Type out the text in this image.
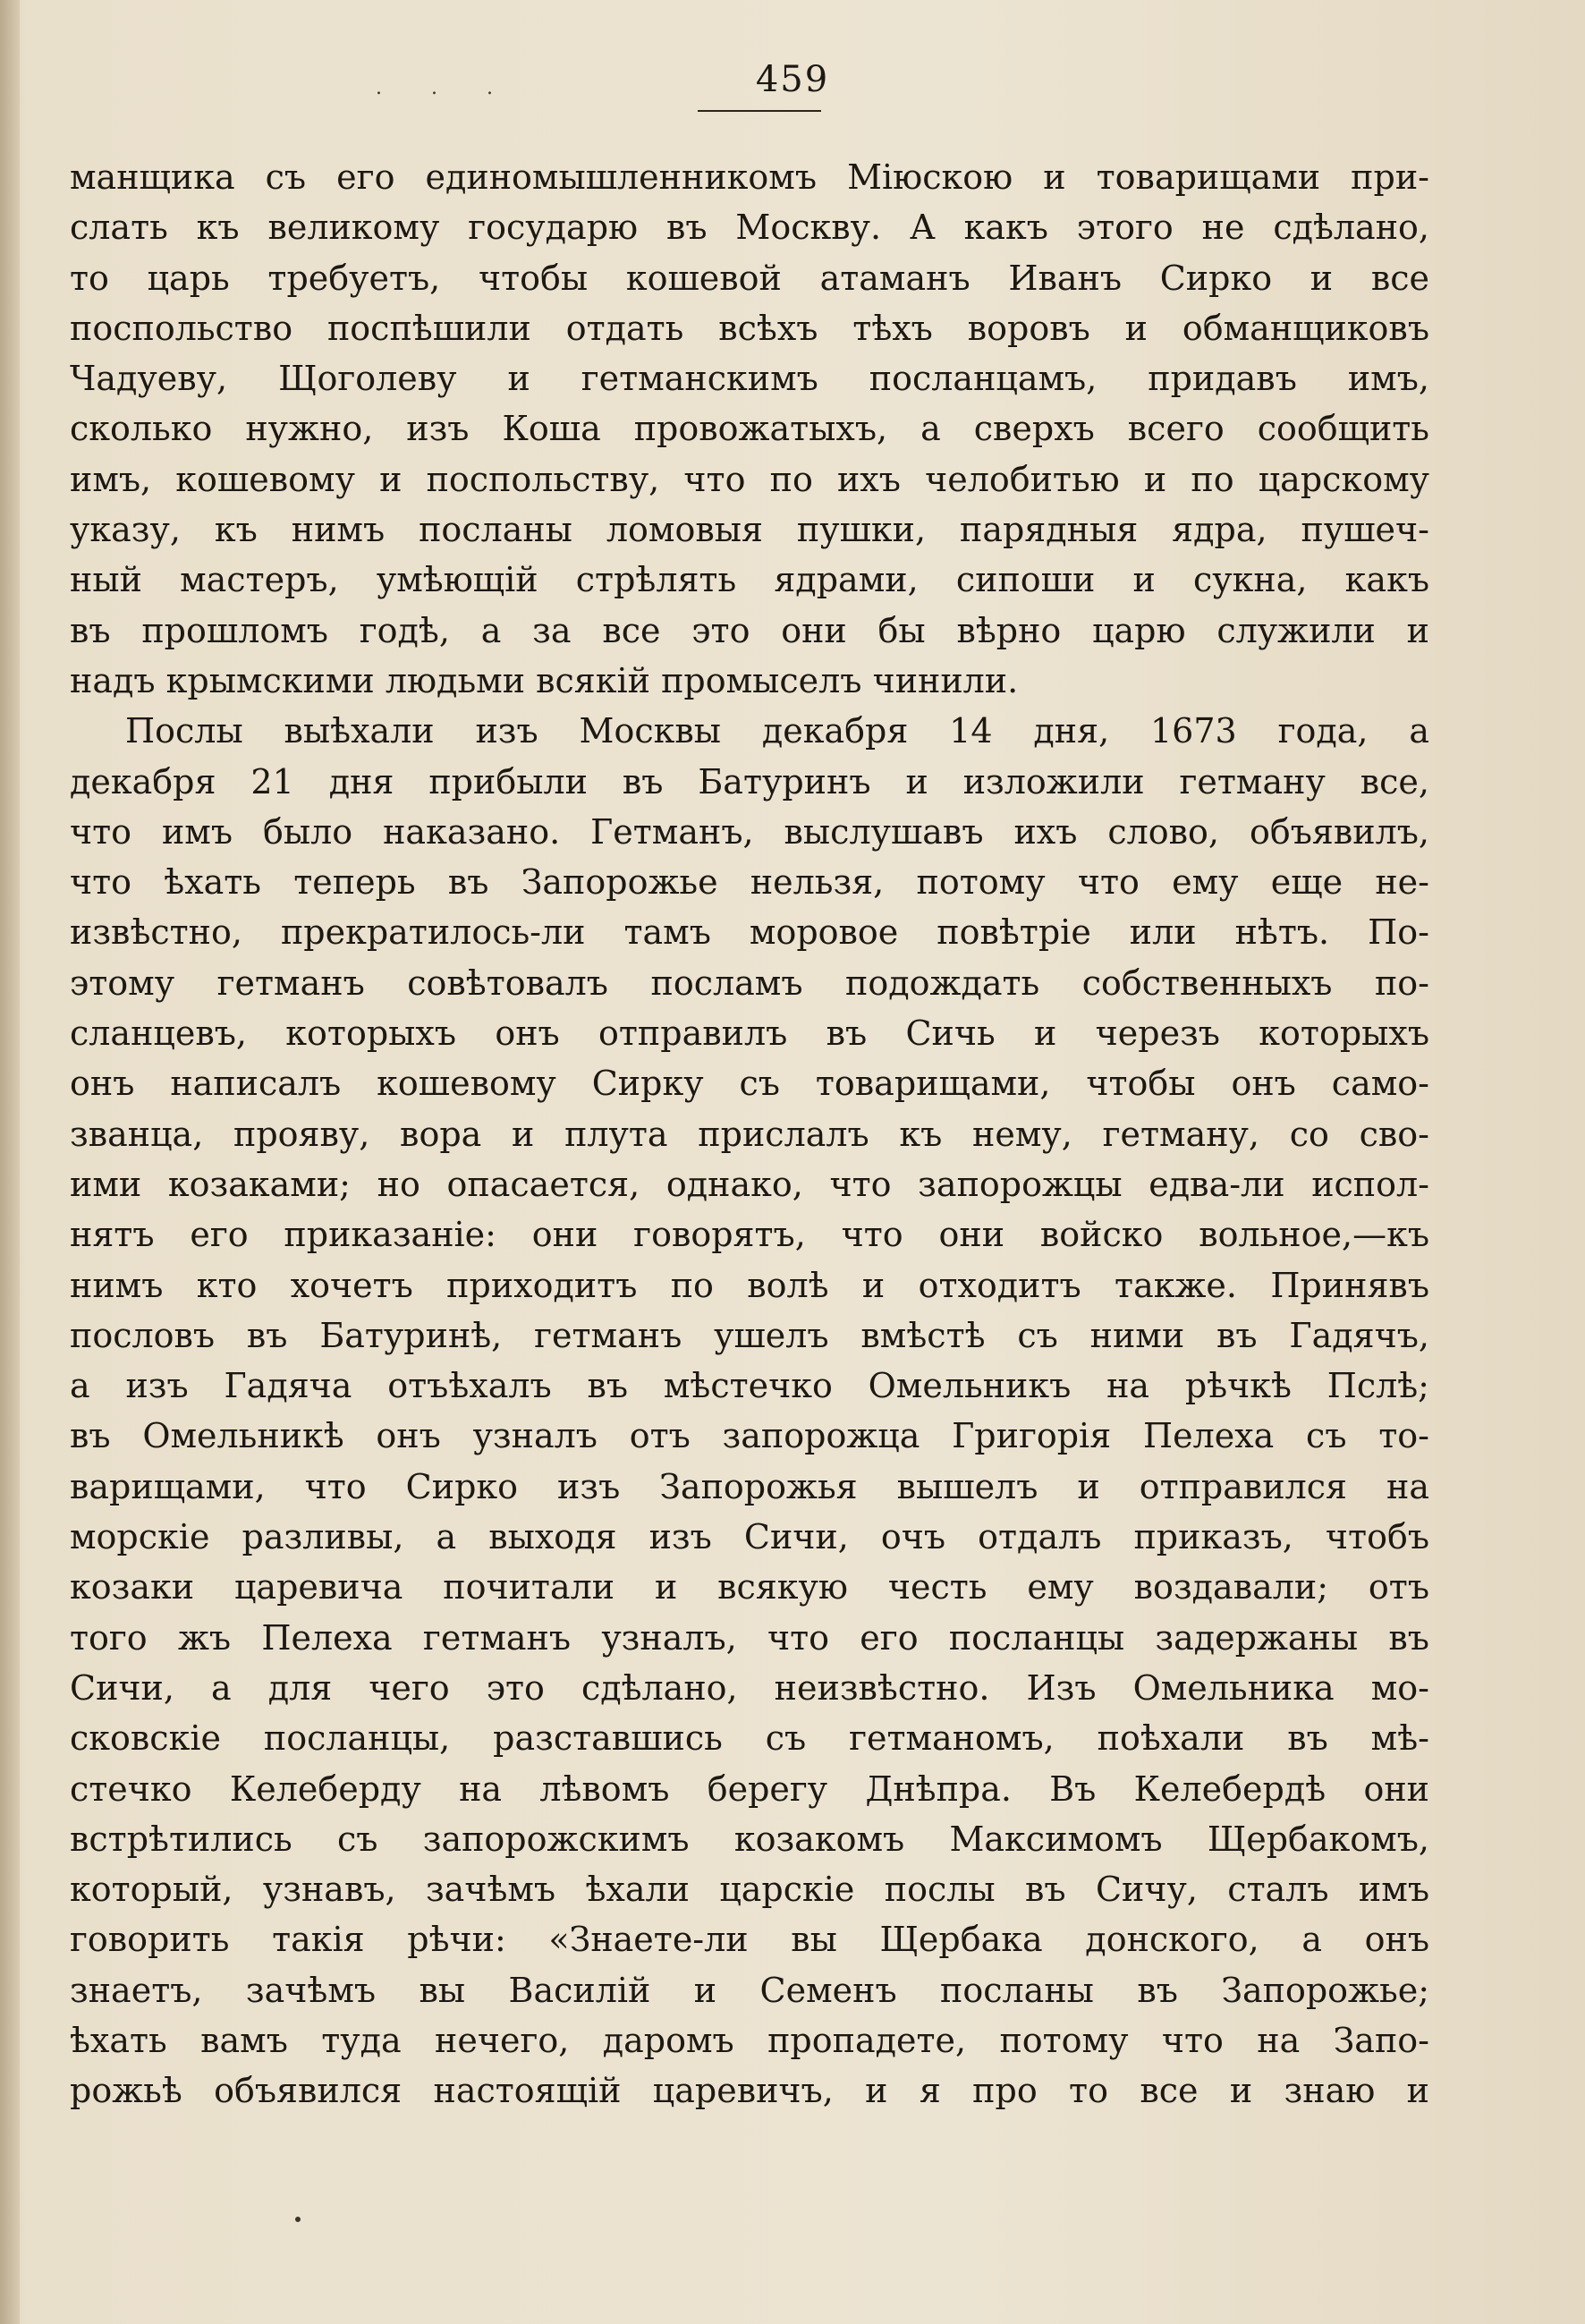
. . .	459
манщика съ его единомышленникомъ Міюскою и товарищами при-
слать къ великому государю въ Москву. А какъ этого не сдѣлано,
то царь требуетъ, чтобы кошевой атаманъ Иванъ Сирко и все
поспольство поспѣшили отдать всѣхъ тѣхъ воровъ и обманщиковъ
Чадуеву, Щоголеву и гетманскимъ посланцамъ, придавъ имъ,
сколько нужно, изъ Коша провожатыхъ, а сверхъ всего сообщить
имъ, кошевому и поспольству, что по ихъ челобитью и по царскому
указу, къ нимъ посланы ломовыя пушки, парядныя ядра, пушеч-
ный мастеръ, умѣющій стрѣлять ядрами, сипоши и сукна, какъ
въ прошломъ годѣ, а за все это они бы вѣрно царю служили и
надъ крымскими людьми всякій промыселъ чинили.
Послы выѣхали изъ Москвы декабря 14 дня, 1673 года, а
декабря 21 дня прибыли въ Батуринъ и изложили гетману все,
что имъ было наказано. Гетманъ, выслушавъ ихъ слово, объявилъ,
что ѣхать теперь въ Запорожье нельзя, потому что ему еще не-
извѣстно, прекратилось-ли тамъ моровое повѣтріе или нѣтъ. По-
этому гетманъ совѣтовалъ посламъ подождать собственныхъ по-
сланцевъ, которыхъ онъ отправилъ въ Сичь и черезъ которыхъ
онъ написалъ кошевому Сирку съ товарищами, чтобы онъ само-
званца, прояву, вора и плута прислалъ къ нему, гетману, со сво-
ими козаками; но опасается, однако, что запорожцы едва-ли испол-
нятъ его приказаніе: они говорятъ, что они войско вольное,—къ
нимъ кто хочетъ приходитъ по волѣ и отходитъ также. Принявъ
пословъ въ Батуринѣ, гетманъ ушелъ вмѣстѣ съ ними въ Гадячъ,
а изъ Гадяча отъѣхалъ въ мѣстечко Омельникъ на рѣчкѣ Пслѣ;
въ Омельникѣ онъ узналъ отъ запорожца Григорія Пелеха съ то-
варищами, что Сирко изъ Запорожья вышелъ и отправился на
морскіе разливы, а выходя изъ Сичи, очъ отдалъ приказъ, чтобъ
козаки царевича почитали и всякую честь ему воздавали; отъ
того жъ Пелеха гетманъ узналъ, что его посланцы задержаны въ
Сичи, а для чего это сдѣлано, неизвѣстно. Изъ Омельника мо-
сковскіе посланцы, разставшись съ гетманомъ, поѣхали въ мѣ-
стечко Келеберду на лѣвомъ берегу Днѣпра. Въ Келебердѣ они
встрѣтились съ запорожскимъ козакомъ Максимомъ Щербакомъ,
который, узнавъ, зачѣмъ ѣхали царскіе послы въ Сичу, сталъ имъ
говорить такія рѣчи: «Знаете-ли вы Щербака донского, а онъ
знаетъ, зачѣмъ вы Василій и Семенъ посланы въ Запорожье;
ѣхать вамъ туда нечего, даромъ пропадете, потому что на Запо-
рожьѣ объявился настоящій царевичъ, и я про то все и знаю и
